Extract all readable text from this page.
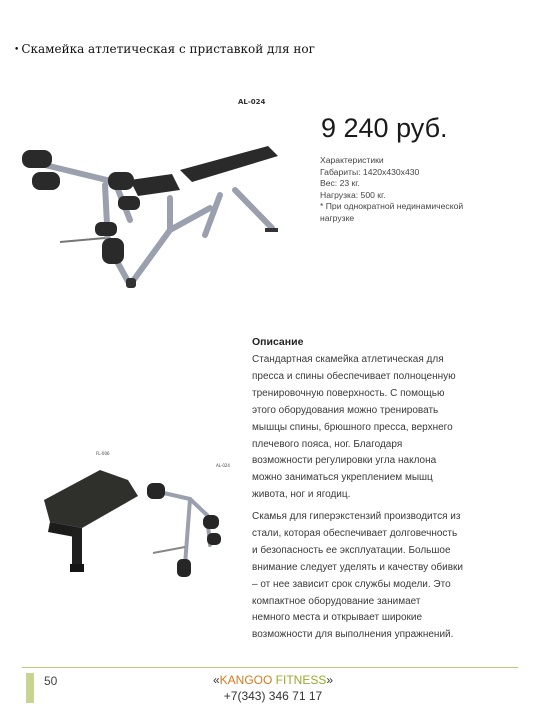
• Скамейка атлетическая с приставкой для ног
AL-024
9 240 руб.
Характеристики
Габариты: 1420х430х430
Вес: 23 кг.
Нагрузка: 500 кг.
* При однократной нединамической
нагрузке
Описание
Стандартная скамейка атлетическая для
пресса и спины обеспечивает полноценную
тренировочную поверхность. С помощью
этого оборудования можно тренировать
мышцы спины, брюшного пресса, верхнего
плечевого пояса, ног. Благодаря
возможности регулировки угла наклона
можно заниматься укреплением мышц
живота, ног и ягодиц.
Скамья для гиперэкстензий производится из
стали, которая обеспечивает долговечность
и безопасность ее эксплуатации. Большое
внимание следует уделять и качеству обивки
– от нее зависит срок службы модели. Это
компактное оборудование занимает
немного места и открывает широкие
возможности для выполнения упражнений.
FL-006
AL-024
50	«KANGOO FITNESS»
+7(343) 346 71 17
